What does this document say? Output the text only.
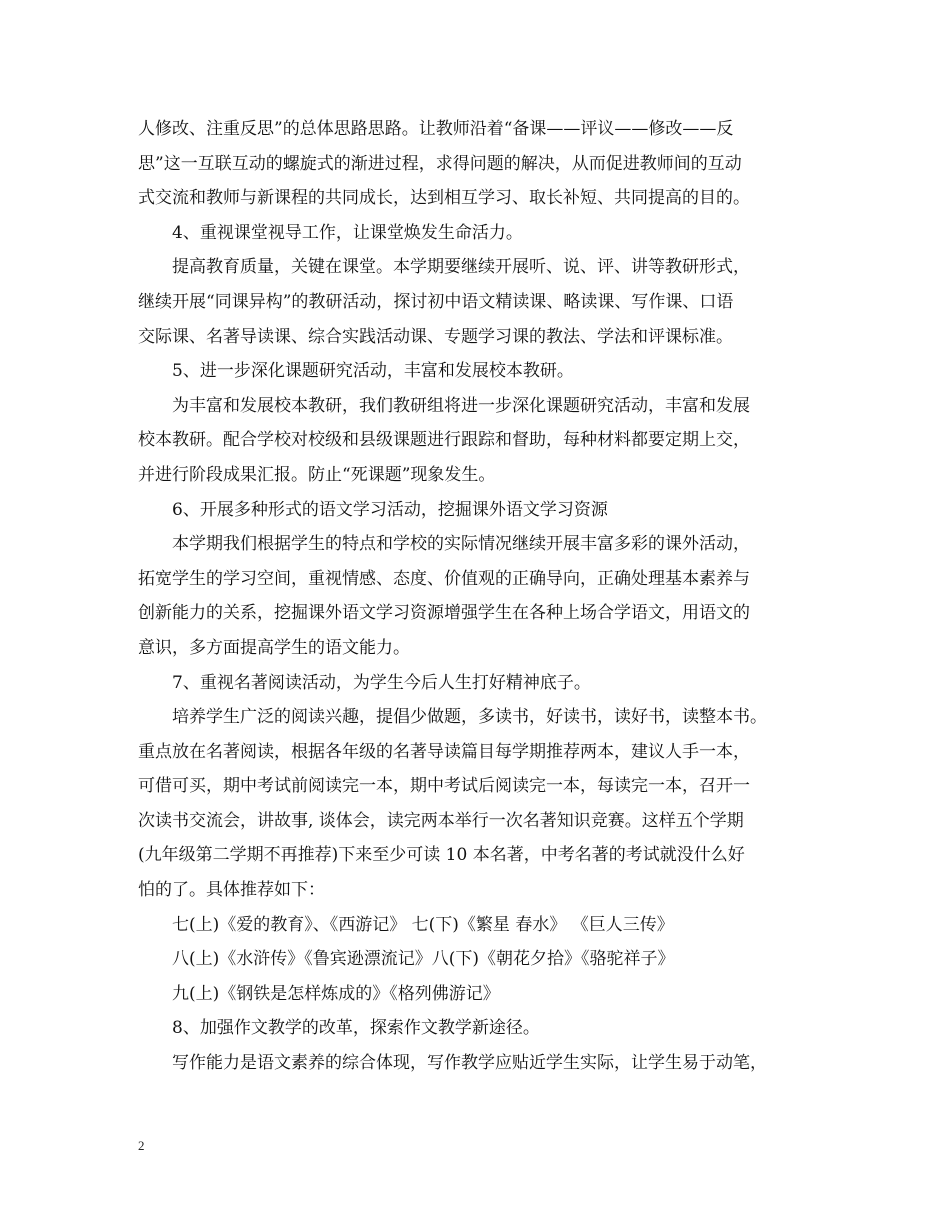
人修改、注重反思”的总体思路思路。让教师沿着“备课——评议——修改——反
思”这一互联互动的螺旋式的渐进过程，求得问题的解决，从而促进教师间的互动
式交流和教师与新课程的共同成长，达到相互学习、取长补短、共同提高的目的。
4、重视课堂视导工作，让课堂焕发生命活力。
提高教育质量，关键在课堂。本学期要继续开展听、说、评、讲等教研形式，
继续开展“同课异构”的教研活动，探讨初中语文精读课、略读课、写作课、口语
交际课、名著导读课、综合实践活动课、专题学习课的教法、学法和评课标准。
5、进一步深化课题研究活动，丰富和发展校本教研。
为丰富和发展校本教研，我们教研组将进一步深化课题研究活动，丰富和发展
校本教研。配合学校对校级和县级课题进行跟踪和督助，每种材料都要定期上交，
并进行阶段成果汇报。防止“死课题”现象发生。
6、开展多种形式的语文学习活动，挖掘课外语文学习资源
本学期我们根据学生的特点和学校的实际情况继续开展丰富多彩的课外活动，
拓宽学生的学习空间，重视情感、态度、价值观的正确导向，正确处理基本素养与
创新能力的关系，挖掘课外语文学习资源增强学生在各种上场合学语文，用语文的
意识，多方面提高学生的语文能力。
7、重视名著阅读活动，为学生今后人生打好精神底子。
培养学生广泛的阅读兴趣，提倡少做题，多读书，好读书，读好书，读整本书。
重点放在名著阅读，根据各年级的名著导读篇目每学期推荐两本，建议人手一本，
可借可买，期中考试前阅读完一本，期中考试后阅读完一本，每读完一本，召开一
次读书交流会，讲故事, 谈体会，读完两本举行一次名著知识竞赛。这样五个学期
(九年级第二学期不再推荐)下来至少可读 10 本名著，中考名著的考试就没什么好
怕的了。具体推荐如下：
七(上)《爱的教育》、《西游记》 七(下)《繁星 春水》 《巨人三传》
八(上)《水浒传》《鲁宾逊漂流记》八(下)《朝花夕拾》《骆驼祥子》
九(上)《钢铁是怎样炼成的》《格列佛游记》
8、加强作文教学的改革，探索作文教学新途径。
写作能力是语文素养的综合体现，写作教学应贴近学生实际，让学生易于动笔，
2
